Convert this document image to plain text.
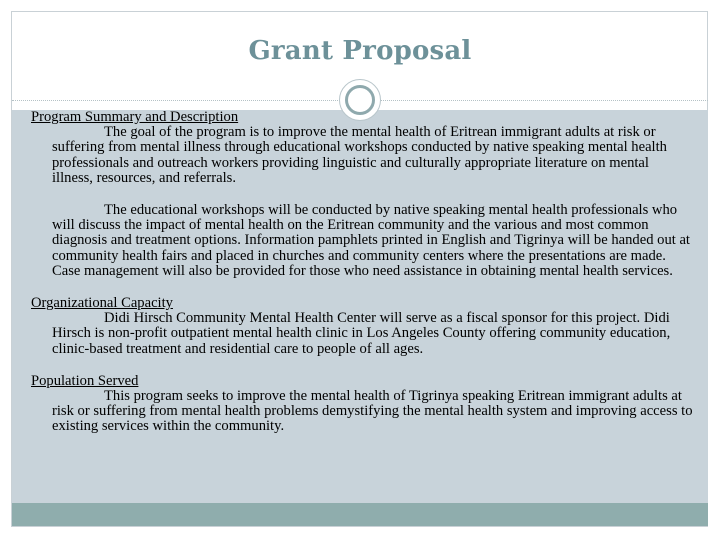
Grant Proposal

Program Summary and Description

The goal of the program is to improve the mental health of Eritrean immigrant adults at risk or suffering from mental illness through educational workshops conducted by native speaking mental health professionals and outreach workers providing linguistic and culturally appropriate literature on mental illness, resources, and referrals.

The educational workshops will be conducted by native speaking mental health professionals who will discuss the impact of mental health on the Eritrean community and the various and most common diagnosis and treatment options. Information pamphlets printed in English and Tigrinya will be handed out at community health fairs and placed in churches and community centers where the presentations are made. Case management will also be provided for those who need assistance in obtaining mental health services.

Organizational Capacity

Didi Hirsch Community Mental Health Center will serve as a fiscal sponsor for this project. Didi Hirsch is non-profit outpatient mental health clinic in Los Angeles County offering community education, clinic-based treatment and residential care to people of all ages.

Population Served

This program seeks to improve the mental health of Tigrinya speaking Eritrean immigrant adults at risk or suffering from mental health problems demystifying the mental health system and improving access to existing services within the community.
